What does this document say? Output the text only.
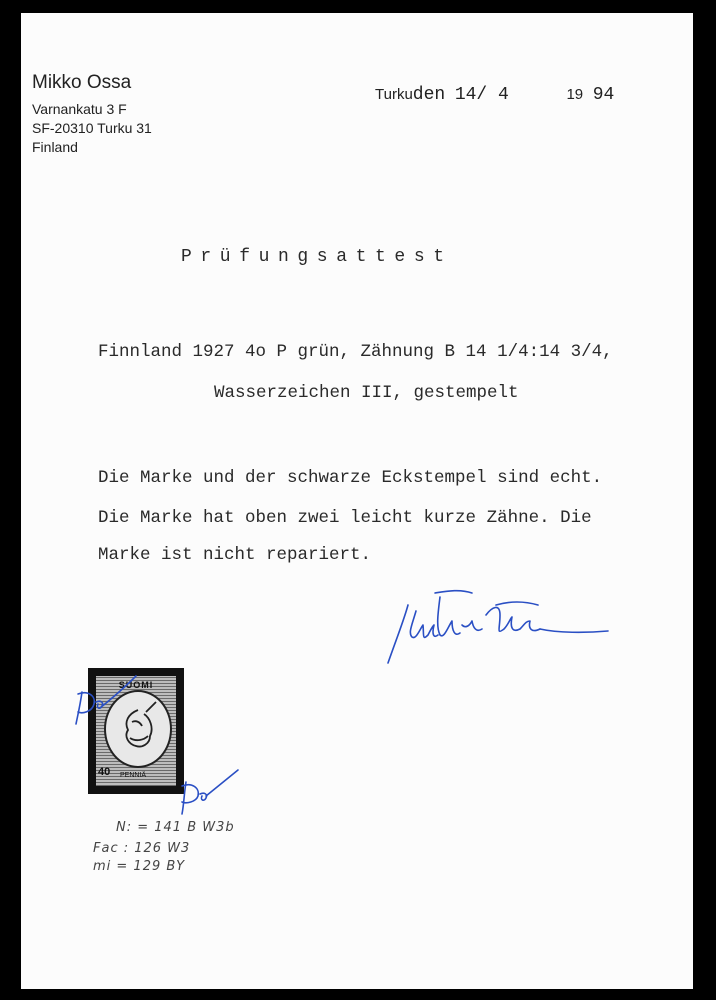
Mikko Ossa
Varnankatu 3 F
SF-20310 Turku 31
Finland
Turkuden 14/ 4	19 94
Prüfungsattest
Finnland 1927 4o P grün, Zähnung B 14 1/4:14 3/4,
Wasserzeichen III, gestempelt
Die Marke und der schwarze Eckstempel sind echt.
Die Marke hat oben zwei leicht kurze Zähne. Die
Marke ist nicht repariert.
SUOMI
40 PENNIÄ
N: = 141 B W3b
Fac : 126 W3
mi = 129 BY
